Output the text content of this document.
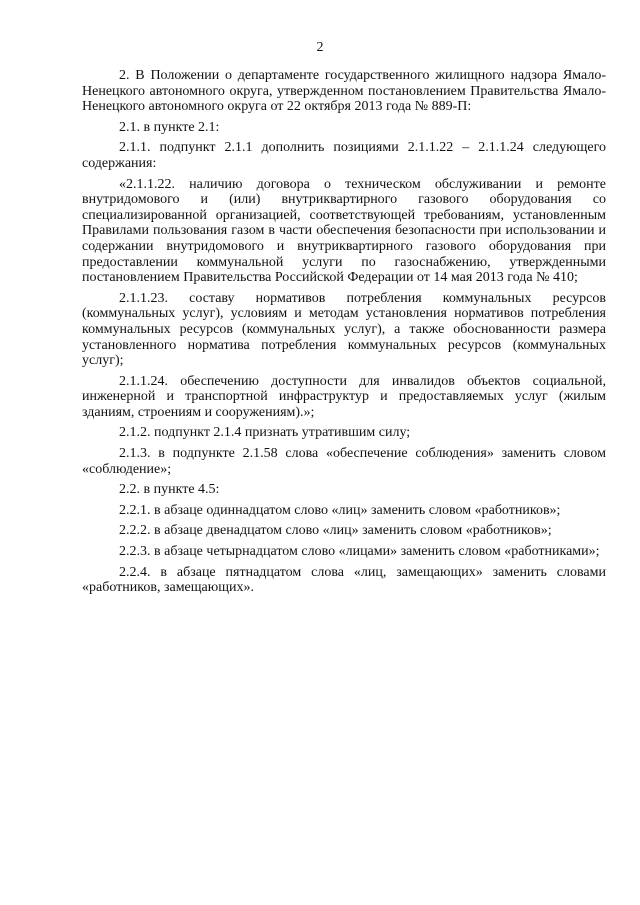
2

2. В Положении о департаменте государственного жилищного надзора Ямало-Ненецкого автономного округа, утвержденном постановлением Правительства Ямало-Ненецкого автономного округа от 22 октября 2013 года № 889-П:

2.1. в пункте 2.1:

2.1.1. подпункт 2.1.1 дополнить позициями 2.1.1.22 – 2.1.1.24 следующего содержания:

«2.1.1.22. наличию договора о техническом обслуживании и ремонте внутридомового и (или) внутриквартирного газового оборудования со специализированной организацией, соответствующей требованиям, установленным Правилами пользования газом в части обеспечения безопасности при использовании и содержании внутридомового и внутриквартирного газового оборудования при предоставлении коммунальной услуги по газоснабжению, утвержденными постановлением Правительства Российской Федерации от 14 мая 2013 года № 410;

2.1.1.23. составу нормативов потребления коммунальных ресурсов (коммунальных услуг), условиям и методам установления нормативов потребления коммунальных ресурсов (коммунальных услуг), а также обоснованности размера установленного норматива потребления коммунальных ресурсов (коммунальных услуг);

2.1.1.24. обеспечению доступности для инвалидов объектов социальной, инженерной и транспортной инфраструктур и предоставляемых услуг (жилым зданиям, строениям и сооружениям).»;

2.1.2. подпункт 2.1.4 признать утратившим силу;

2.1.3. в подпункте 2.1.58 слова «обеспечение соблюдения» заменить словом «соблюдение»;

2.2. в пункте 4.5:

2.2.1. в абзаце одиннадцатом слово «лиц» заменить словом «работников»;

2.2.2. в абзаце двенадцатом слово «лиц» заменить словом «работников»;

2.2.3. в абзаце четырнадцатом слово «лицами» заменить словом «работниками»;

2.2.4. в абзаце пятнадцатом слова «лиц, замещающих» заменить словами «работников, замещающих».
